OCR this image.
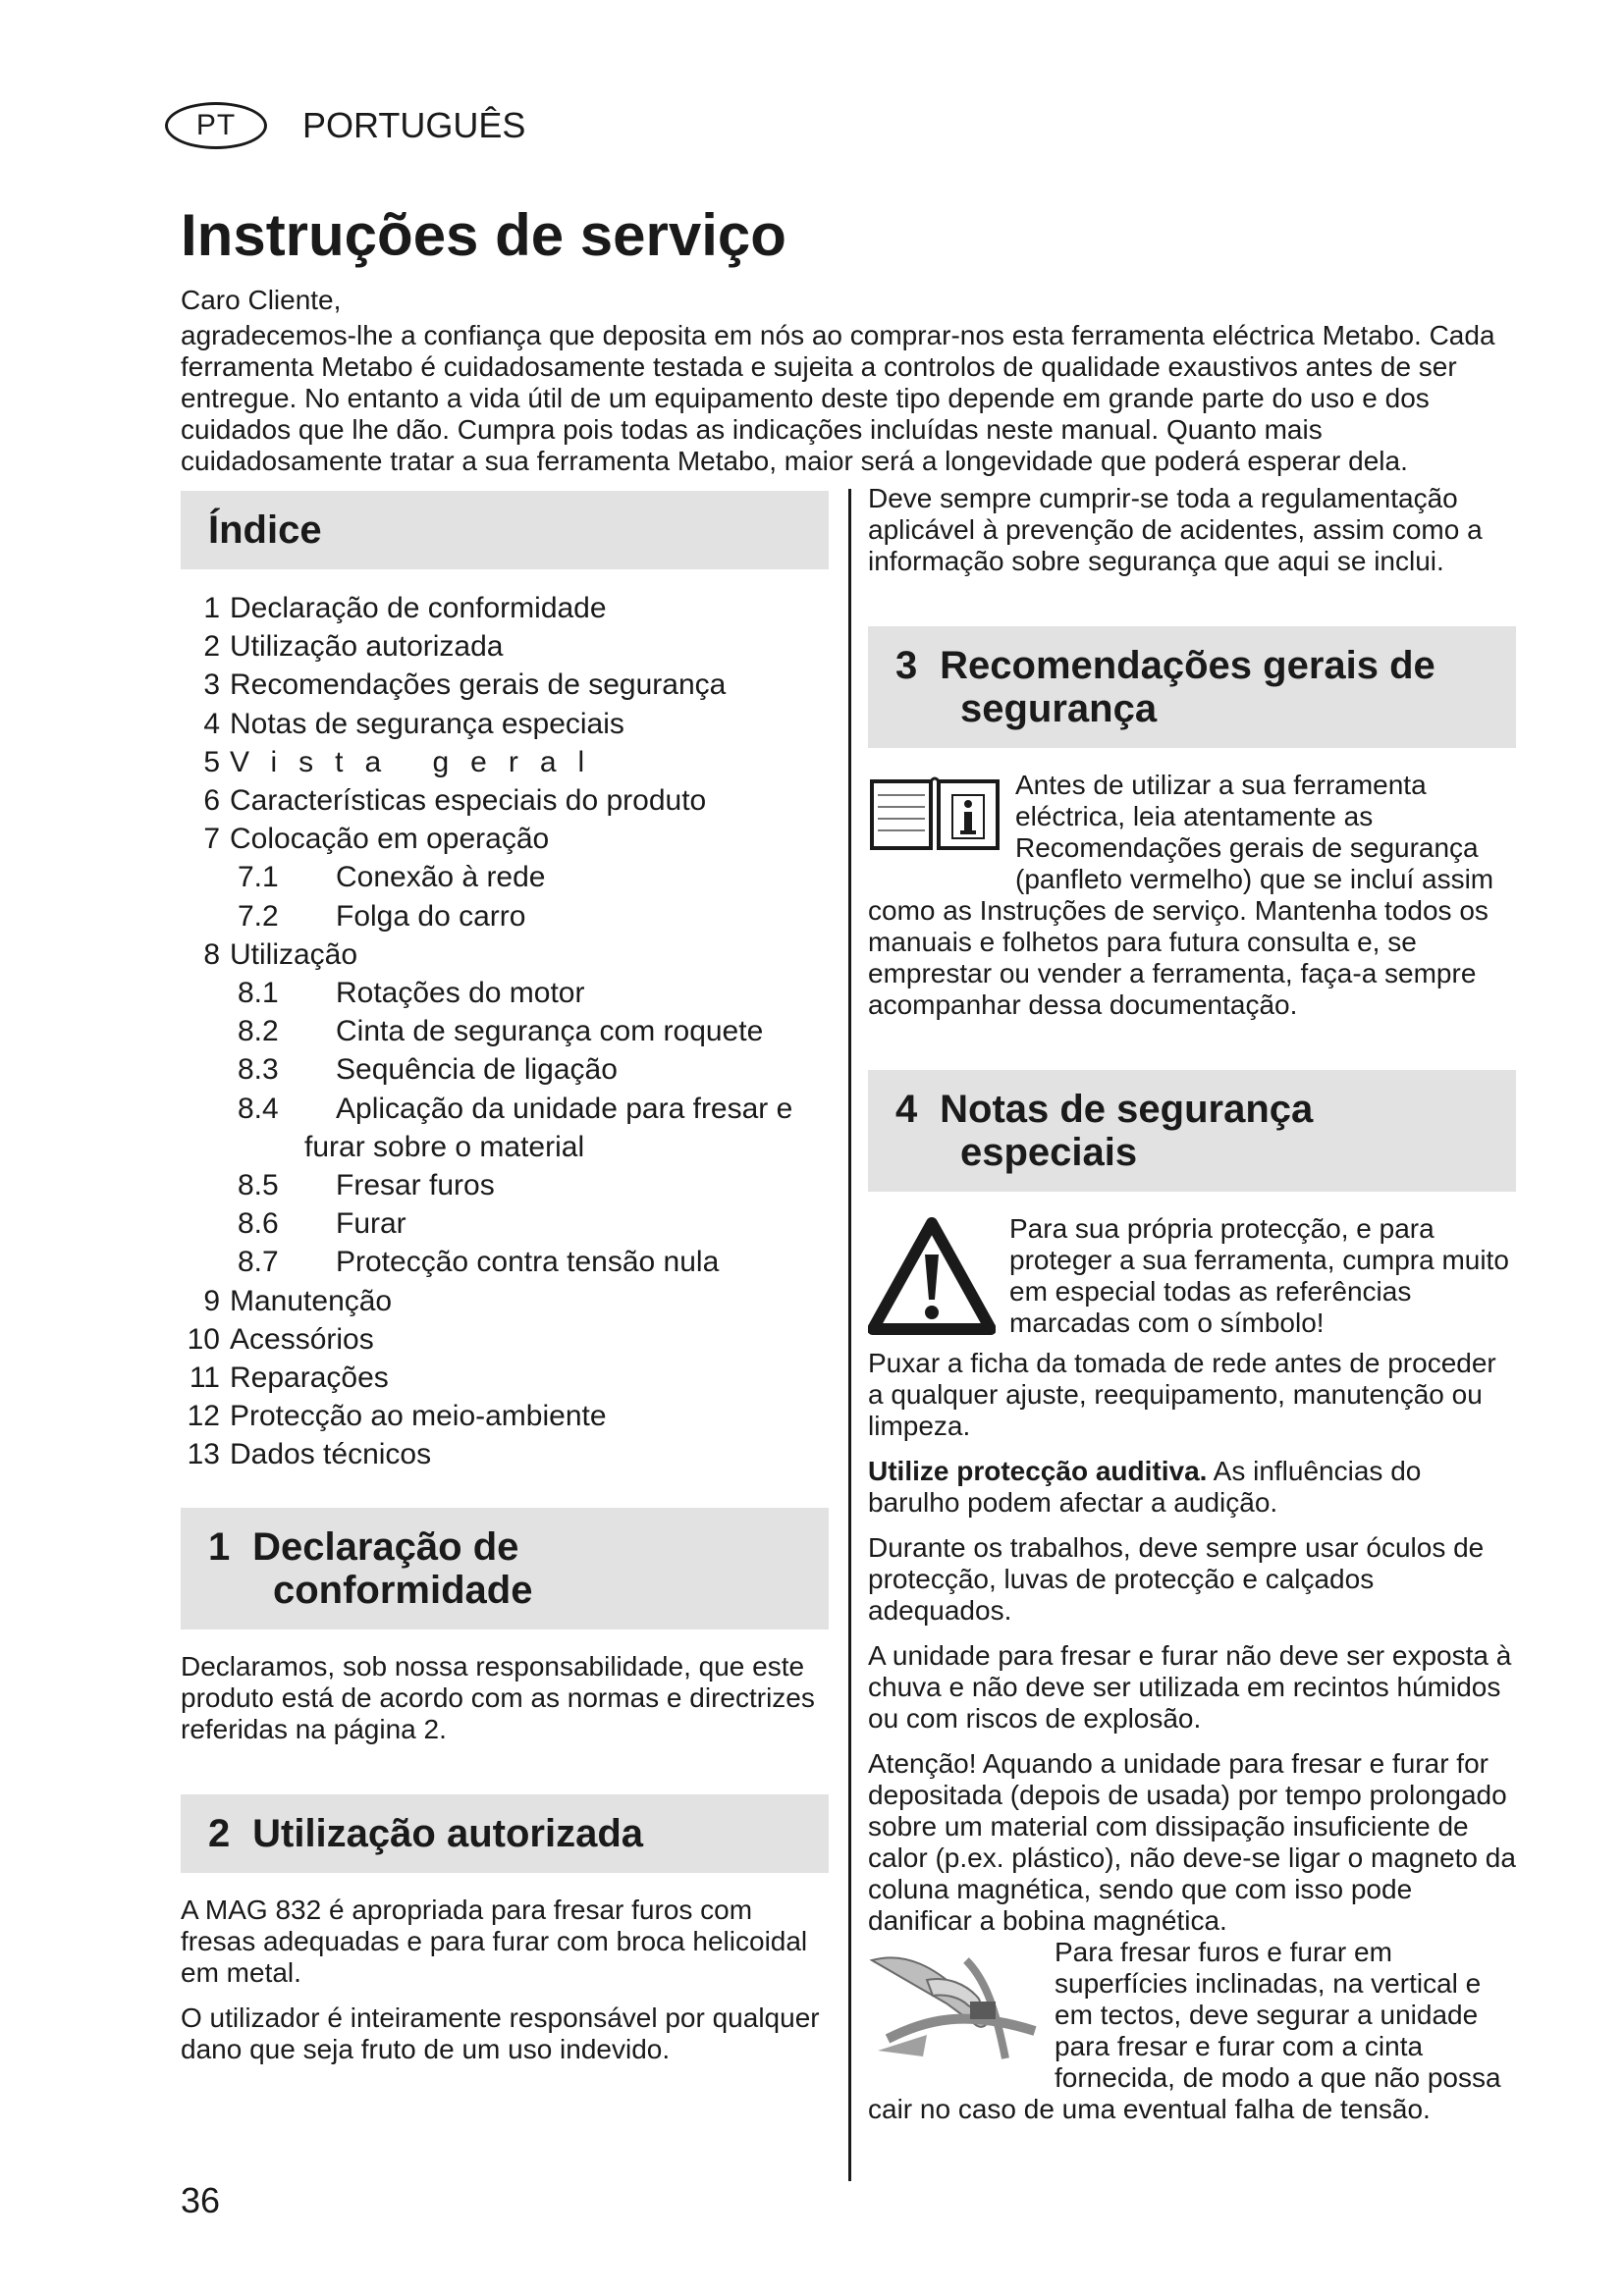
PT PORTUGUÊS
Instruções de serviço

Caro Cliente,

agradecemos-lhe a confiança que deposita em nós ao comprar-nos esta ferramenta eléctrica Metabo. Cada ferramenta Metabo é cuidadosamente testada e sujeita a controlos de qualidade exaustivos antes de ser entregue. No entanto a vida útil de um equipamento deste tipo depende em grande parte do uso e dos cuidados que lhe dão. Cumpra pois todas as indicações incluídas neste manual. Quanto mais cuidadosamente tratar a sua ferramenta Metabo, maior será a longevidade que poderá esperar dela.

Índice
1 Declaração de conformidade
2 Utilização autorizada
3 Recomendações gerais de segurança
4 Notas de segurança especiais
5 Vista geral
6 Características especiais do produto
7 Colocação em operação
7.1	Conexão à rede
7.2	Folga do carro
8 Utilização
8.1	Rotações do motor
8.2	Cinta de segurança com roquete
8.3	Sequência de ligação
8.4	Aplicação da unidade para fresar e
furar sobre o material
8.5	Fresar furos
8.6	Furar
8.7	Protecção contra tensão nula
9 Manutenção
10 Acessórios
11 Reparações
12 Protecção ao meio-ambiente
13 Dados técnicos
1 Declaração de
conformidade

Declaramos, sob nossa responsabilidade, que este produto está de acordo com as normas e directrizes referidas na página 2.

2 Utilização autorizada

A MAG 832 é apropriada para fresar furos com fresas adequadas e para furar com broca helicoidal em metal.

O utilizador é inteiramente responsável por qualquer dano que seja fruto de um uso indevido.

Deve sempre cumprir-se toda a regulamentação aplicável à prevenção de acidentes, assim como a informação sobre segurança que aqui se inclui.

3 Recomendações gerais de
segurança

Antes de utilizar a sua ferramenta eléctrica, leia atentamente as Recomendações gerais de segurança (panfleto vermelho) que se incluí assim como as Instruções de serviço. Mantenha todos os manuais e folhetos para futura consulta e, se emprestar ou vender a ferramenta, faça-a sempre acompanhar dessa documentação.

4 Notas de segurança
especiais

Para sua própria protecção, e para proteger a sua ferramenta, cumpra muito em especial todas as referências marcadas com o símbolo!

Puxar a ficha da tomada de rede antes de proceder a qualquer ajuste, reequipamento, manutenção ou limpeza.

Utilize protecção auditiva. As influências do barulho podem afectar a audição.

Durante os trabalhos, deve sempre usar óculos de protecção, luvas de protecção e calçados adequados.

A unidade para fresar e furar não deve ser exposta à chuva e não deve ser utilizada em recintos húmidos ou com riscos de explosão.

Atenção! Aquando a unidade para fresar e furar for depositada (depois de usada) por tempo prolongado sobre um material com dissipação insuficiente de calor (p.ex. plástico), não deve-se ligar o magneto da coluna magnética, sendo que com isso pode danificar a bobina magnética.

Para fresar furos e furar em superfícies inclinadas, na vertical e em tectos, deve segurar a unidade para fresar e furar com a cinta fornecida, de modo a que não possa cair no caso de uma eventual falha de tensão.

36
